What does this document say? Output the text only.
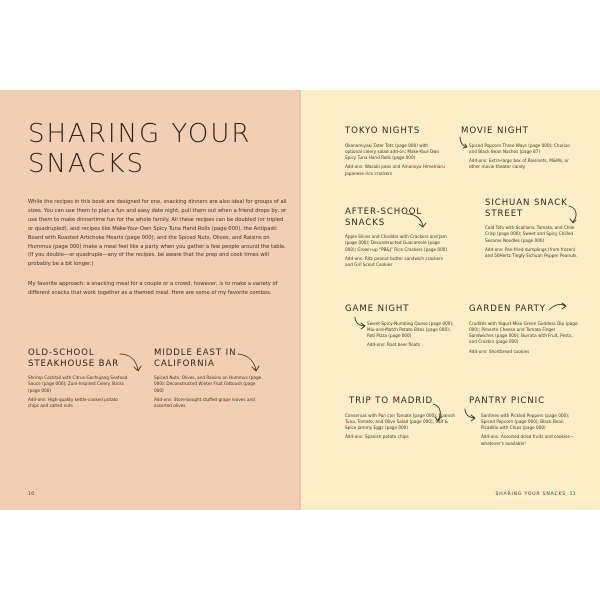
SHARING YOUR SNACKS
While the recipes in this book are designed for one, snacking dinners are also ideal for groups of all sizes. You can use them to plan a fun and easy date night, pull them out when a friend drops by, or use them to make dinnertime fun for the whole family. All these recipes can be doubled (or tripled or quadrupled), and recipes like Make-Your-Own Spicy Tuna Hand Rolls (page 000), the Antipasti Board with Roasted Artichoke Hearts (page 000), and the Spiced Nuts, Olives, and Raisins on Hummus (page 000) make a meal feel like a party when you gather a few people around the table. (If you double—or quadruple—any of the recipes, be aware that the prep and cook times will probably be a bit longer.)
My favorite approach: a snacking meal for a couple or a crowd, however, is to make a variety of different snacks that work together as a themed meal. Here are some of my favorite combos.
OLD-SCHOOL STEAKHOUSE BAR
Shrimp Cocktail with Citrus-Gochujang Seafood Sauce (page 000); Zuni-Inspired Celery Sticks (page 000)
Add-ons: High-quality kettle-cooked potato chips and salted nuts
MIDDLE EAST IN CALIFORNIA
Spiced Nuts, Olives, and Raisins on Hummus (page 000); Deconstructed Winter Fruit Fattoush (page 000)
Add-ons: Store-bought stuffed grape leaves and assorted olives
10
TOKYO NIGHTS
Okonomiyaki Tater Tots (page 000) with optional celery salad add-on; Make-Your-Own Spicy Tuna Hand Rolls (page 000)
Add-ons: Wasabi peas and Amanoya Himemaru Japanese rice crackers
MOVIE NIGHT
Spiced Popcorn Three Ways (page 000); Chorizo and Black Bean Nachos (page 87)
Add-ons: Extra-large box of Raisinets, M&Ms, or other movie theater candy
AFTER-SCHOOL SNACKS
Apple Slices and Cheddar with Crackers and Jam (page 000); Deconstructed Guacamole (page 000); Grown-up "PB&J" Rice Crackers (page 000)
Add-ons: Ritz peanut butter sandwich crackers and Girl Scout Cookies
SICHUAN SNACK STREET
Cold Tofu with Scallions, Tomato, and Chile Crisp (page 000); Sweet and Spicy Chilled Sesame Noodles (page 000)
Add-ons: Pan-fried dumplings (from frozen) and 50Hertz Tingly Sichuan Pepper Peanuts
GAME NIGHT
Sweet-Spicy-Numbing Queso (page 000); Mix-and-Match Potato Bites (page 000); Roti Pizza (page 000)
Add-ons: Root beer floats
GARDEN PARTY
Crudités with Yogurt-Miso Green Goddess Dip (page 000); Pimento Cheese and Tomato Finger Sandwiches (page 000); Burrata with Fruit, Pesto, and Crostini (page 000)
Add-ons: Shortbread cookies
TRIP TO MADRID
Conservas with Pan con Tomate (page 000); Spanish Tuna, Tomato, and Olive Salad (page 000); Salt & Spice Jammy Eggs (page 000)
Add-ons: Spanish potato chips
PANTRY PICNIC
Sardines with Pickled Peppers (page 000); Spiced Popcorn (page 000); Black Bean Picadillo with Chips (page 000)
Add-ons: Assorted dried fruits and cookies—whatever's available!
SHARING YOUR SNACKS 11
